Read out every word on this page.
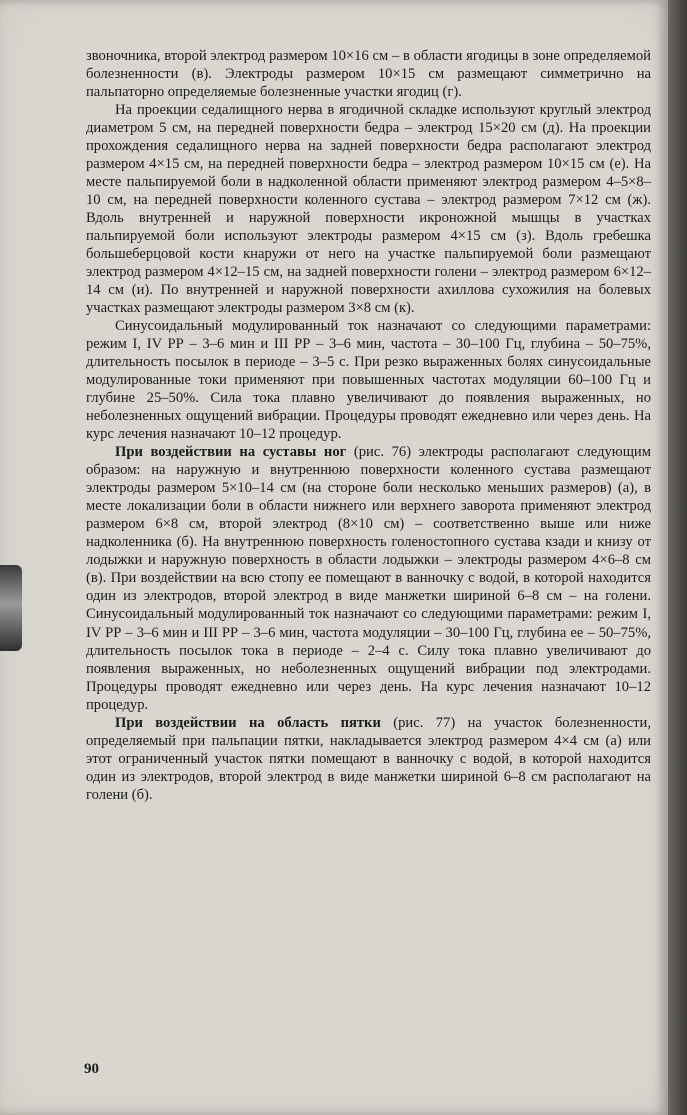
звоночника, второй электрод размером 10×16 см – в области ягодицы в зоне определяемой болезненности (в). Электроды размером 10×15 см размещают симметрично на пальпаторно определяемые болезненные участки ягодиц (г).

На проекции седалищного нерва в ягодичной складке используют круглый электрод диаметром 5 см, на передней поверхности бедра – электрод 15×20 см (д). На проекции прохождения седалищного нерва на задней поверхности бедра располагают электрод размером 4×15 см, на передней поверхности бедра – электрод размером 10×15 см (е). На месте пальпируемой боли в надколенной области применяют электрод размером 4–5×8–10 см, на передней поверхности коленного сустава – электрод размером 7×12 см (ж). Вдоль внутренней и наружной поверхности икроножной мышцы в участках пальпируемой боли используют электроды размером 4×15 см (з). Вдоль гребешка большеберцовой кости кнаружи от него на участке пальпируемой боли размещают электрод размером 4×12–15 см, на задней поверхности голени – электрод размером 6×12–14 см (и). По внутренней и наружной поверхности ахиллова сухожилия на болевых участках размещают электроды размером 3×8 см (к).

Синусоидальный модулированный ток назначают со следующими параметрами: режим I, IV РР – 3–6 мин и III РР – 3–6 мин, частота – 30–100 Гц, глубина – 50–75%, длительность посылок в периоде – 3–5 с. При резко выраженных болях синусоидальные модулированные токи применяют при повышенных частотах модуляции 60–100 Гц и глубине 25–50%. Сила тока плавно увеличивают до появления выраженных, но неболезненных ощущений вибрации. Процедуры проводят ежедневно или через день. На курс лечения назначают 10–12 процедур.

При воздействии на суставы ног (рис. 76) электроды располагают следующим образом: на наружную и внутреннюю поверхности коленного сустава размещают электроды размером 5×10–14 см (на стороне боли несколько меньших размеров) (а), в месте локализации боли в области нижнего или верхнего заворота применяют электрод размером 6×8 см, второй электрод (8×10 см) – соответственно выше или ниже надколенника (б). На внутреннюю поверхность голеностопного сустава кзади и книзу от лодыжки и наружную поверхность в области лодыжки – электроды размером 4×6–8 см (в). При воздействии на всю стопу ее помещают в ванночку с водой, в которой находится один из электродов, второй электрод в виде манжетки шириной 6–8 см – на голени. Синусоидальный модулированный ток назначают со следующими параметрами: режим I, IV РР – 3–6 мин и III РР – 3–6 мин, частота модуляции – 30–100 Гц, глубина ее – 50–75%, длительность посылок тока в периоде – 2–4 с. Силу тока плавно увеличивают до появления выраженных, но неболезненных ощущений вибрации под электродами. Процедуры проводят ежедневно или через день. На курс лечения назначают 10–12 процедур.

При воздействии на область пятки (рис. 77) на участок болезненности, определяемый при пальпации пятки, накладывается электрод размером 4×4 см (а) или этот ограниченный участок пятки помещают в ванночку с водой, в которой находится один из электродов, второй электрод в виде манжетки шириной 6–8 см располагают на голени (б).

90
